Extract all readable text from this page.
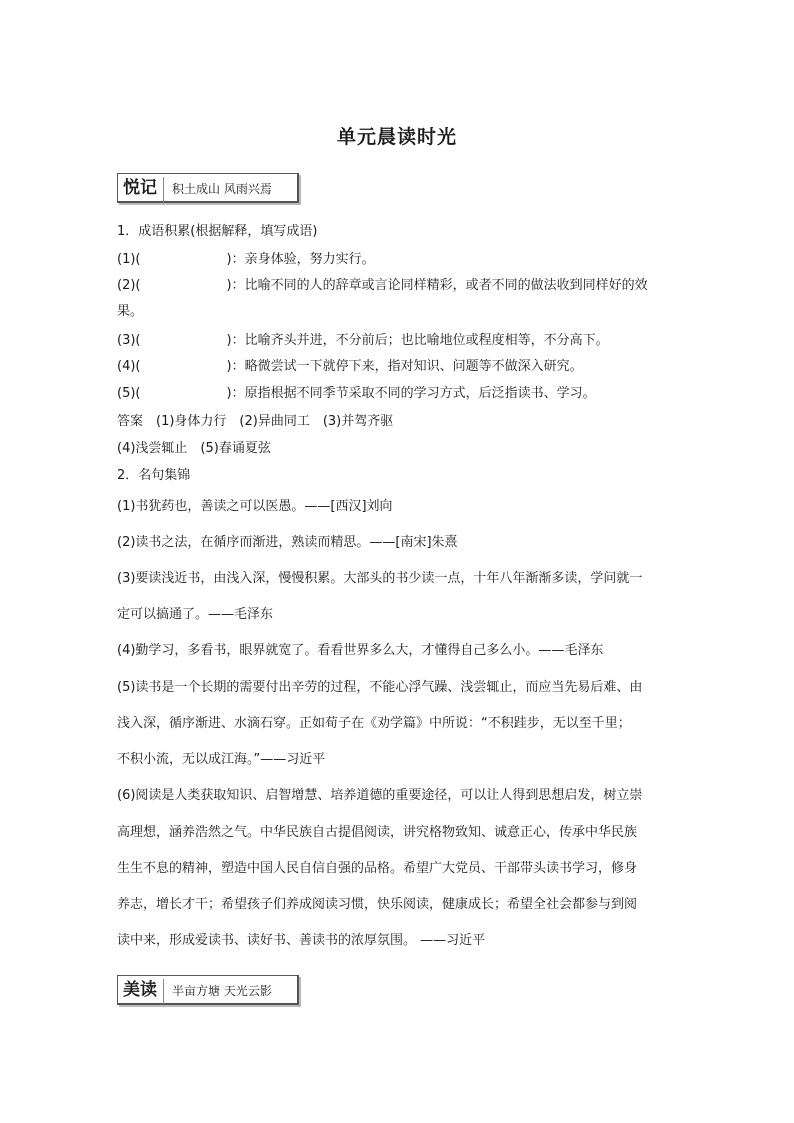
单元晨读时光
悦记	积土成山 风雨兴焉
1．成语积累(根据解释，填写成语)
(1)(	)：亲身体验，努力实行。
(2)(	)：比喻不同的人的辞章或言论同样精彩，或者不同的做法收到同样好的效
果。
(3)(	)：比喻齐头并进，不分前后；也比喻地位或程度相等，不分高下。
(4)(	)：略微尝试一下就停下来，指对知识、问题等不做深入研究。
(5)(	)：原指根据不同季节采取不同的学习方式，后泛指读书、学习。
答案　(1)身体力行　(2)异曲同工　(3)并驾齐驱
(4)浅尝辄止　(5)春诵夏弦
2．名句集锦
(1)书犹药也，善读之可以医愚。——[西汉]刘向
(2)读书之法，在循序而渐进，熟读而精思。——[南宋]朱熹
(3)要读浅近书，由浅入深，慢慢积累。大部头的书少读一点，十年八年渐渐多读，学问就一
定可以搞通了。——毛泽东
(4)勤学习，多看书，眼界就宽了。看看世界多么大，才懂得自己多么小。——毛泽东
(5)读书是一个长期的需要付出辛劳的过程，不能心浮气躁、浅尝辄止，而应当先易后难、由
浅入深，循序渐进、水滴石穿。正如荀子在《劝学篇》中所说：“不积跬步，无以至千里；
不积小流，无以成江海。”——习近平
(6)阅读是人类获取知识、启智增慧、培养道德的重要途径，可以让人得到思想启发，树立崇
高理想，涵养浩然之气。中华民族自古提倡阅读，讲究格物致知、诚意正心，传承中华民族
生生不息的精神，塑造中国人民自信自强的品格。希望广大党员、干部带头读书学习，修身
养志，增长才干；希望孩子们养成阅读习惯，快乐阅读，健康成长；希望全社会都参与到阅
读中来，形成爱读书、读好书、善读书的浓厚氛围。 ——习近平
美读	半亩方塘 天光云影
